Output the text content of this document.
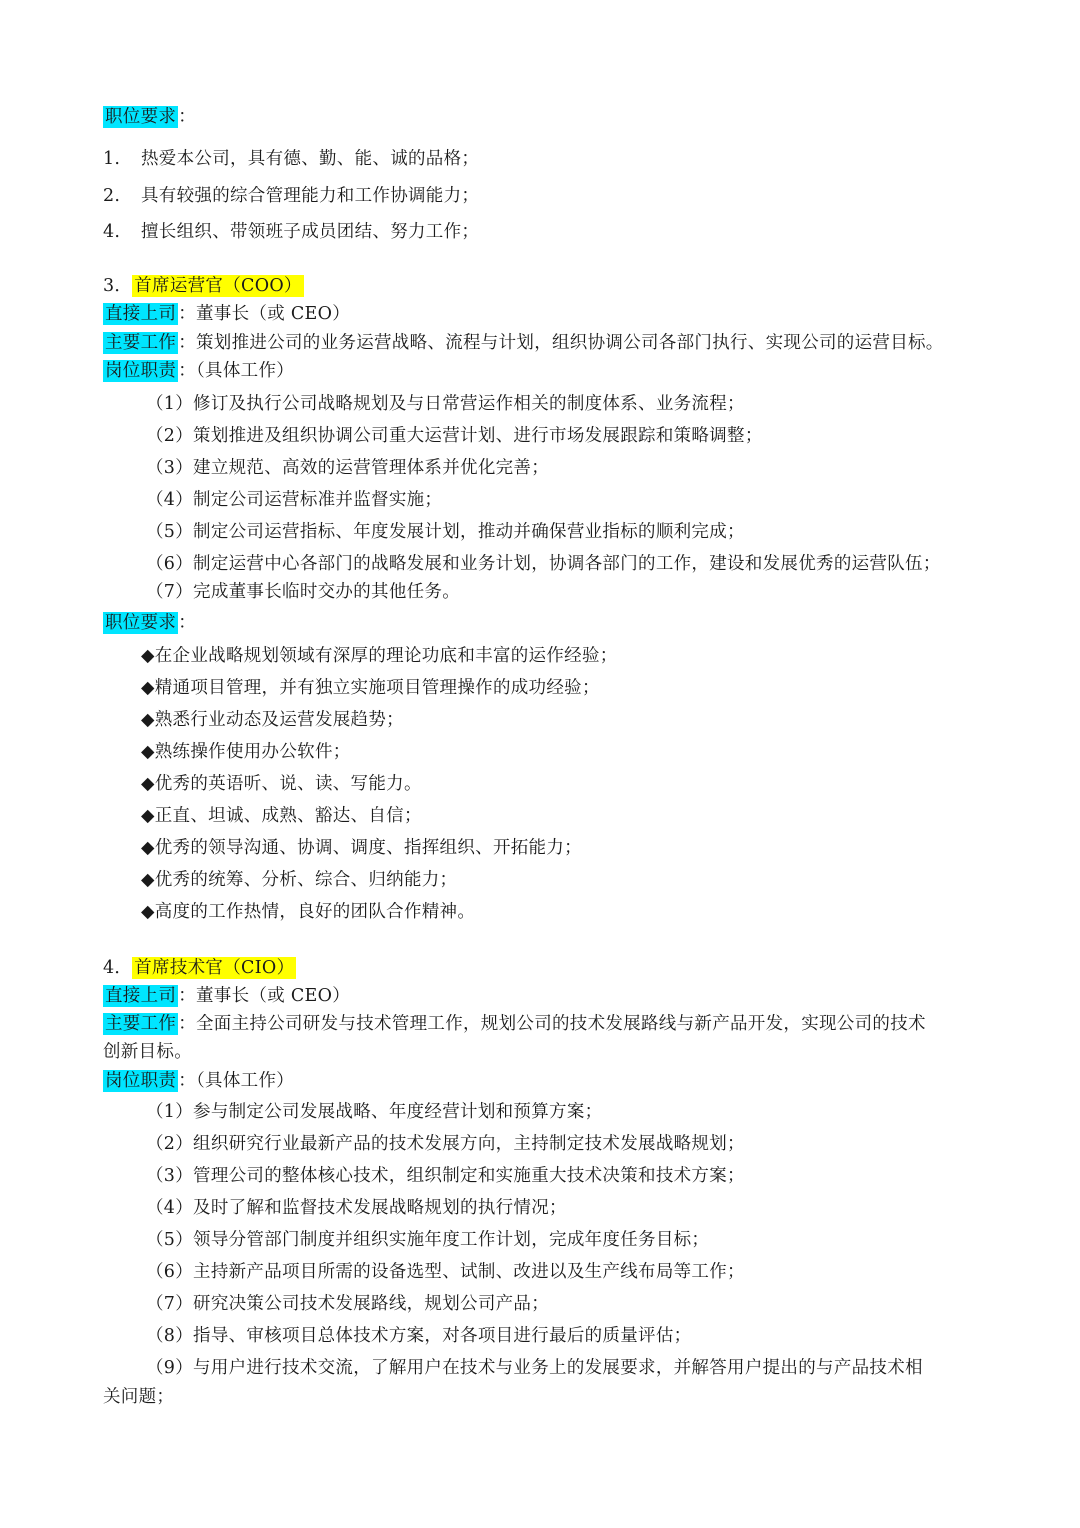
职位要求 ：
1. 热爱本公司，具有德、勤、能、诚的品格；
2. 具有较强的综合管理能力和工作协调能力；
4. 擅长组织、带领班子成员团结、努力工作；
3． 首席运营官（COO）
直接上司 ：董事长（或 CEO）
主要工作 ：策划推进公司的业务运营战略、流程与计划，组织协调公司各部门执行、实现公司的运营目标。
岗位职责 ：（具体工作）
（1）修订及执行公司战略规划及与日常营运作相关的制度体系、业务流程；
（2）策划推进及组织协调公司重大运营计划、进行市场发展跟踪和策略调整；
（3）建立规范、高效的运营管理体系并优化完善；
（4）制定公司运营标准并监督实施；
（5）制定公司运营指标、年度发展计划，推动并确保营业指标的顺利完成；
（6）制定运营中心各部门的战略发展和业务计划，协调各部门的工作，建设和发展优秀的运营队伍；
（7）完成董事长临时交办的其他任务。
职位要求 ：
◆在企业战略规划领域有深厚的理论功底和丰富的运作经验；
◆精通项目管理，并有独立实施项目管理操作的成功经验；
◆熟悉行业动态及运营发展趋势；
◆熟练操作使用办公软件；
◆优秀的英语听、说、读、写能力。
◆正直、坦诚、成熟、豁达、自信；
◆优秀的领导沟通、协调、调度、指挥组织、开拓能力；
◆优秀的统筹、分析、综合、归纳能力；
◆高度的工作热情，良好的团队合作精神。
4． 首席技术官（CIO）
直接上司 ：董事长（或 CEO）
主要工作 ：全面主持公司研发与技术管理工作，规划公司的技术发展路线与新产品开发，实现公司的技术
创新目标。
岗位职责 ：（具体工作）
（1）参与制定公司发展战略、年度经营计划和预算方案；
（2）组织研究行业最新产品的技术发展方向，主持制定技术发展战略规划；
（3）管理公司的整体核心技术，组织制定和实施重大技术决策和技术方案；
（4）及时了解和监督技术发展战略规划的执行情况；
（5）领导分管部门制度并组织实施年度工作计划，完成年度任务目标；
（6）主持新产品项目所需的设备选型、试制、改进以及生产线布局等工作；
（7）研究决策公司技术发展路线，规划公司产品；
（8）指导、审核项目总体技术方案，对各项目进行最后的质量评估；
（9）与用户进行技术交流，了解用户在技术与业务上的发展要求，并解答用户提出的与产品技术相
关问题；
